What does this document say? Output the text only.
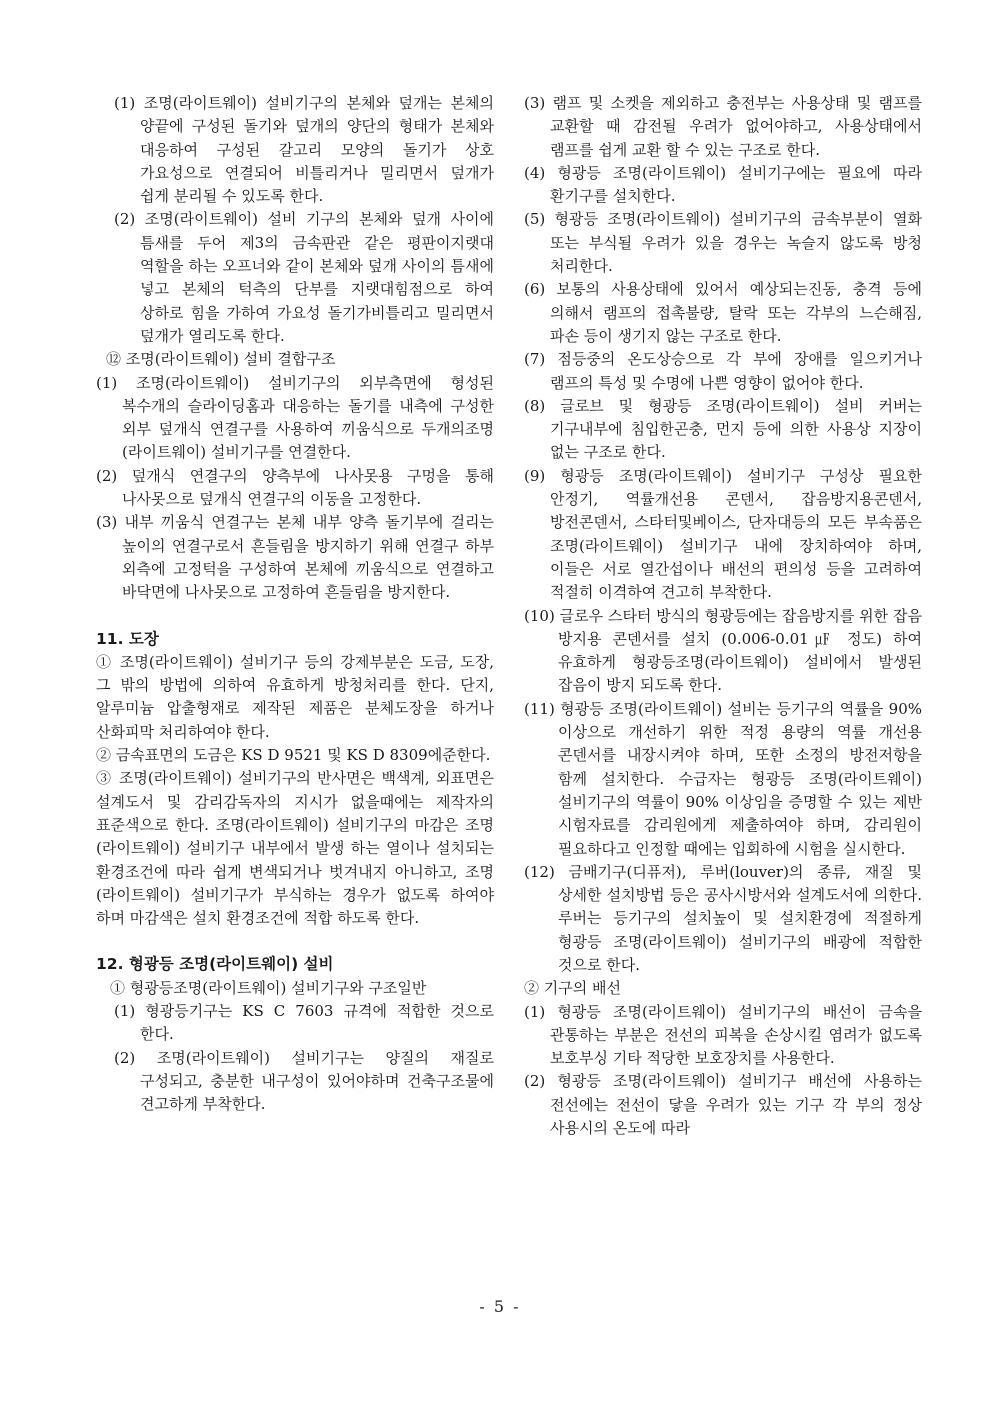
(1) 조명(라이트웨이) 설비기구의 본체와 덮개는 본체의 양끝에 구성된 돌기와 덮개의 양단의 형태가 본체와 대응하여 구성된 갈고리 모양의 돌기가 상호 가요성으로 연결되어 비틀리거나 밀리면서 덮개가 쉽게 분리될 수 있도록 한다.

(2) 조명(라이트웨이) 설비 기구의 본체와 덮개 사이에 틈새를 두어 제3의 금속판관 같은 평판이지랫대 역할을 하는 오프너와 같이 본체와 덮개 사이의 틈새에 넣고 본체의 턱측의 단부를 지랫대힘점으로 하여 상하로 힘을 가하여 가요성 돌기가비틀리고 밀리면서 덮개가 열리도록 한다.

⑫ 조명(라이트웨이) 설비 결합구조

(1) 조명(라이트웨이) 설비기구의 외부측면에 형성된 복수개의 슬라이딩홈과 대응하는 돌기를 내측에 구성한 외부 덮개식 연결구를 사용하여 끼움식으로 두개의조명(라이트웨이) 설비기구를 연결한다.

(2) 덮개식 연결구의 양측부에 나사못용 구멍을 통해 나사못으로 덮개식 연결구의 이동을 고정한다.

(3) 내부 끼움식 연결구는 본체 내부 양측 돌기부에 걸리는 높이의 연결구로서 흔들림을 방지하기 위해 연결구 하부 외측에 고정턱을 구성하여 본체에 끼움식으로 연결하고 바닥면에 나사못으로 고정하여 흔들림을 방지한다.

11. 도장

① 조명(라이트웨이) 설비기구 등의 강제부분은 도금, 도장, 그 밖의 방법에 의하여 유효하게 방청처리를 한다. 단지, 알루미늄 압출형재로 제작된 제품은 분체도장을 하거나 산화피막 처리하여야 한다.

② 금속표면의 도금은 KS D 9521 및 KS D 8309에준한다.

③ 조명(라이트웨이) 설비기구의 반사면은 백색계, 외표면은 설계도서 및 감리감독자의 지시가 없을때에는 제작자의 표준색으로 한다. 조명(라이트웨이) 설비기구의 마감은 조명(라이트웨이) 설비기구 내부에서 발생 하는 열이나 설치되는 환경조건에 따라 쉽게 변색되거나 벗겨내지 아니하고, 조명(라이트웨이) 설비기구가 부식하는 경우가 없도록 하여야 하며 마감색은 설치 환경조건에 적합 하도록 한다.

12. 형광등 조명(라이트웨이) 설비

① 형광등조명(라이트웨이) 설비기구와 구조일반

(1) 형광등기구는 KS C 7603 규격에 적합한 것으로 한다.

(2) 조명(라이트웨이) 설비기구는 양질의 재질로 구성되고, 충분한 내구성이 있어야하며 건축구조물에 견고하게 부착한다.

(3) 램프 및 소켓을 제외하고 충전부는 사용상태 및 램프를 교환할 때 감전될 우려가 없어야하고, 사용상태에서 램프를 쉽게 교환 할 수 있는 구조로 한다.

(4) 형광등 조명(라이트웨이) 설비기구에는 필요에 따라 환기구를 설치한다.

(5) 형광등 조명(라이트웨이) 설비기구의 금속부분이 열화 또는 부식될 우려가 있을 경우는 녹슬지 않도록 방청 처리한다.

(6) 보통의 사용상태에 있어서 예상되는진동, 충격 등에 의해서 램프의 접촉불량, 탈락 또는 각부의 느슨해짐, 파손 등이 생기지 않는 구조로 한다.

(7) 점등중의 온도상승으로 각 부에 장애를 일으키거나 램프의 특성 및 수명에 나쁜 영향이 없어야 한다.

(8) 글로브 및 형광등 조명(라이트웨이) 설비 커버는 기구내부에 침입한곤충, 먼지 등에 의한 사용상 지장이 없는 구조로 한다.

(9) 형광등 조명(라이트웨이) 설비기구 구성상 필요한 안정기, 역률개선용 콘덴서, 잡음방지용콘덴서, 방전콘덴서, 스타터및베이스, 단자대등의 모든 부속품은 조명(라이트웨이) 설비기구 내에 장치하여야 하며, 이들은 서로 열간섭이나 배선의 편의성 등을 고려하여 적절히 이격하여 견고히 부착한다.

(10) 글로우 스타터 방식의 형광등에는 잡음방지를 위한 잡음 방지용 콘덴서를 설치 (0.006-0.01㎌ 정도) 하여 유효하게 형광등조명(라이트웨이) 설비에서 발생된 잡음이 방지 되도록 한다.

(11) 형광등 조명(라이트웨이) 설비는 등기구의 역률을 90% 이상으로 개선하기 위한 적정 용량의 역률 개선용 콘덴서를 내장시켜야 하며, 또한 소정의 방전저항을 함께 설치한다. 수급자는 형광등 조명(라이트웨이) 설비기구의 역률이 90% 이상임을 증명할 수 있는 제반 시험자료를 감리원에게 제출하여야 하며, 감리원이 필요하다고 인정할 때에는 입회하에 시험을 실시한다.

(12) 금배기구(디퓨저), 루버(louver)의 종류, 재질 및 상세한 설치방법 등은 공사시방서와 설계도서에 의한다. 루버는 등기구의 설치높이 및 설치환경에 적절하게 형광등 조명(라이트웨이) 설비기구의 배광에 적합한 것으로 한다.

② 기구의 배선

(1) 형광등 조명(라이트웨이) 설비기구의 배선이 금속을 관통하는 부분은 전선의 피복을 손상시킬 염려가 없도록 보호부싱 기타 적당한 보호장치를 사용한다.

(2) 형광등 조명(라이트웨이) 설비기구 배선에 사용하는 전선에는 전선이 닿을 우려가 있는 기구 각 부의 정상 사용시의 온도에 따라

- 5 -
